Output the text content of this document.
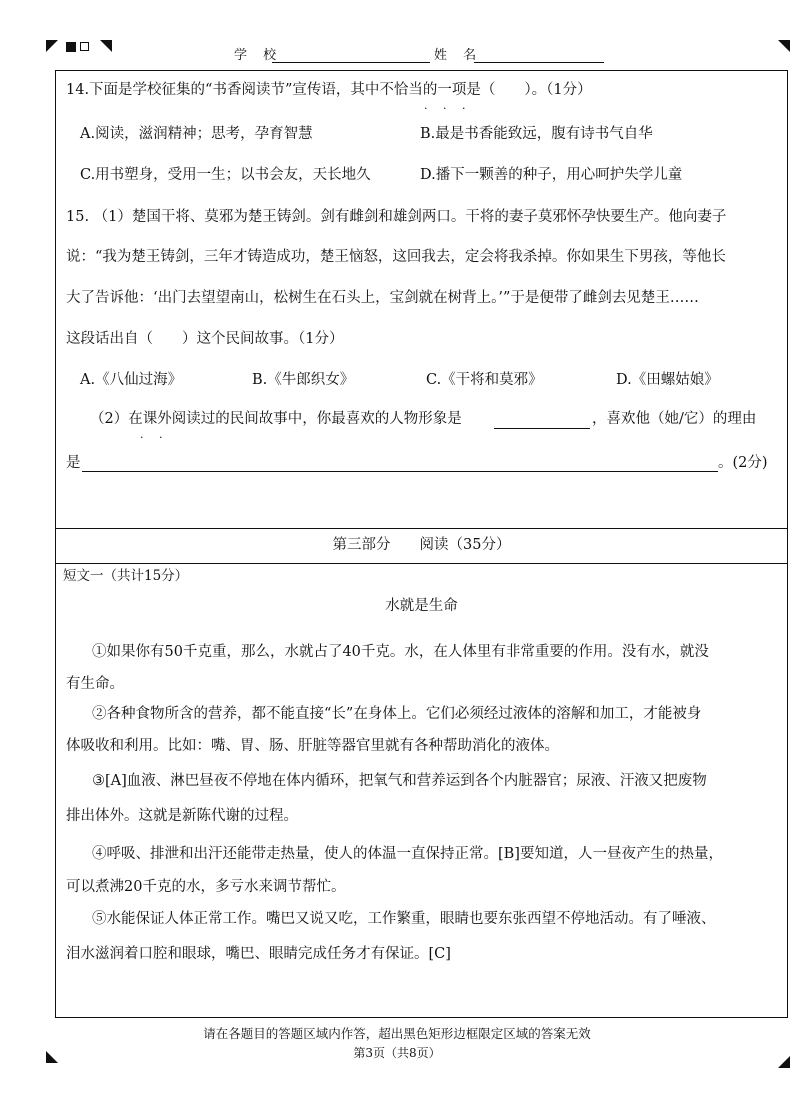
学 校	姓 名
14.下面是学校征集的“书香阅读节”宣传语，其中不恰当的一项是（　　）。（1分）
· · ·
A.阅读，滋润精神；思考，孕育智慧	B.最是书香能致远，腹有诗书气自华
C.用书塑身，受用一生；以书会友，天长地久	D.播下一颗善的种子，用心呵护失学儿童
15. （1）楚国干将、莫邪为楚王铸剑。剑有雌剑和雄剑两口。干将的妻子莫邪怀孕快要生产。他向妻子
说：“我为楚王铸剑，三年才铸造成功，楚王恼怒，这回我去，定会将我杀掉。你如果生下男孩，等他长
大了告诉他：‘出门去望望南山，松树生在石头上，宝剑就在树背上。’”于是便带了雌剑去见楚王……
这段话出自（　　）这个民间故事。（1分）
A.《八仙过海》	B.《牛郎织女》	C.《干将和莫邪》	D.《田螺姑娘》
（2）在课外阅读过的民间故事中，你最喜欢的人物形象是	，喜欢他（她/它）的理由
· ·
是	。(2分)
第三部分　　阅读（35分）
短文一（共计15分）
水就是生命
①如果你有50千克重，那么，水就占了40千克。水，在人体里有非常重要的作用。没有水，就没
有生命。
②各种食物所含的营养，都不能直接“长”在身体上。它们必须经过液体的溶解和加工，才能被身
体吸收和利用。比如：嘴、胃、肠、肝脏等器官里就有各种帮助消化的液体。
③[A]血液、淋巴昼夜不停地在体内循环，把氧气和营养运到各个内脏器官；尿液、汗液又把废物
排出体外。这就是新陈代谢的过程。
④呼吸、排泄和出汗还能带走热量，使人的体温一直保持正常。[B]要知道，人一昼夜产生的热量，
可以煮沸20千克的水，多亏水来调节帮忙。
⑤水能保证人体正常工作。嘴巴又说又吃，工作繁重，眼睛也要东张西望不停地活动。有了唾液、
泪水滋润着口腔和眼球，嘴巴、眼睛完成任务才有保证。[C]
请在各题目的答题区域内作答，超出黑色矩形边框限定区域的答案无效
第3页（共8页）
